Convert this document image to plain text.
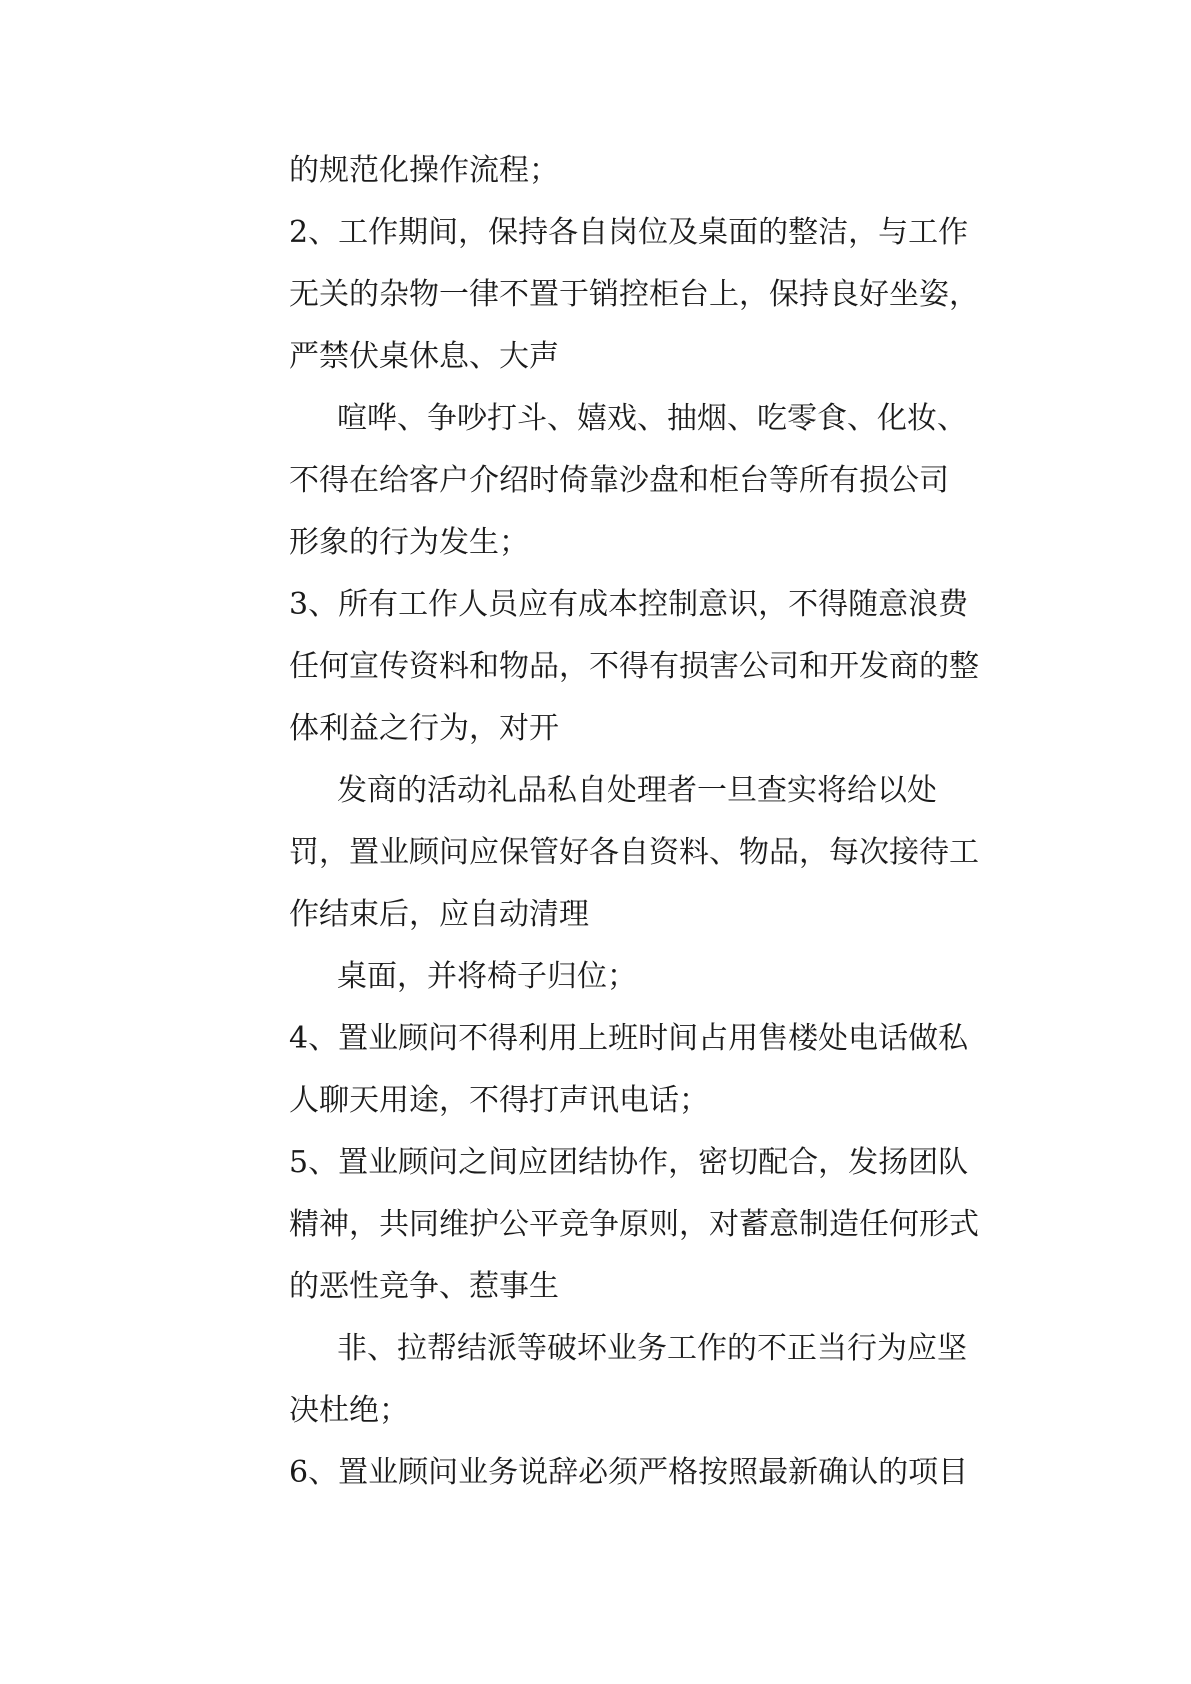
的规范化操作流程；
2、工作期间，保持各自岗位及桌面的整洁，与工作
无关的杂物一律不置于销控柜台上，保持良好坐姿，
严禁伏桌休息、大声
喧哗、争吵打斗、嬉戏、抽烟、吃零食、化妆、
不得在给客户介绍时倚靠沙盘和柜台等所有损公司
形象的行为发生；
3、所有工作人员应有成本控制意识，不得随意浪费
任何宣传资料和物品，不得有损害公司和开发商的整
体利益之行为，对开
发商的活动礼品私自处理者一旦查实将给以处
罚，置业顾问应保管好各自资料、物品，每次接待工
作结束后，应自动清理
桌面，并将椅子归位；
4、置业顾问不得利用上班时间占用售楼处电话做私
人聊天用途，不得打声讯电话；
5、置业顾问之间应团结协作，密切配合，发扬团队
精神，共同维护公平竞争原则，对蓄意制造任何形式
的恶性竞争、惹事生
非、拉帮结派等破坏业务工作的不正当行为应坚
决杜绝；
6、置业顾问业务说辞必须严格按照最新确认的项目
